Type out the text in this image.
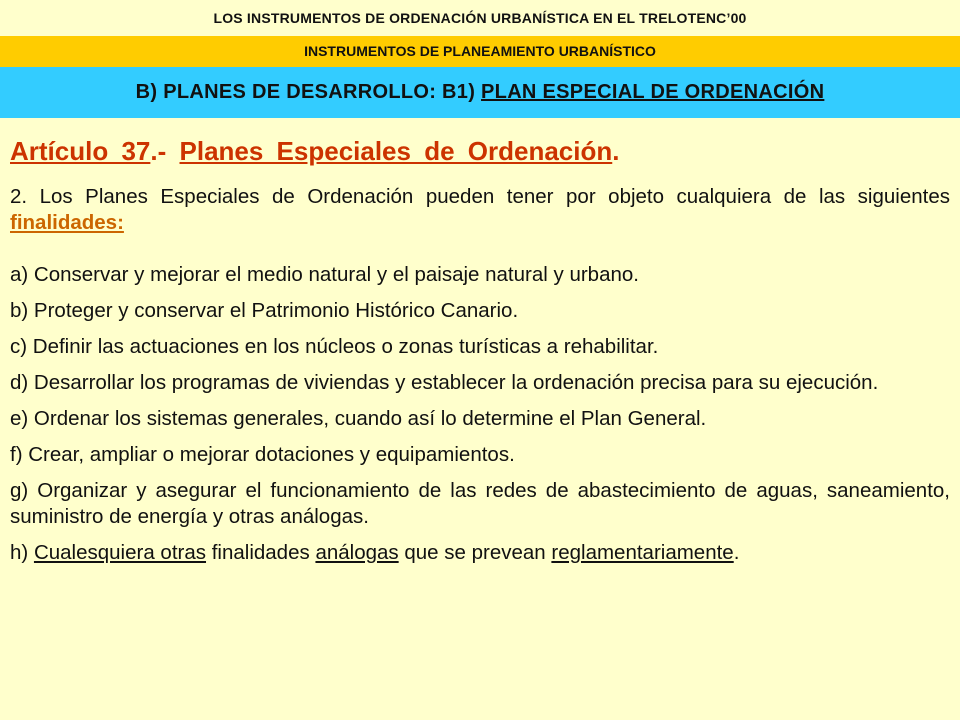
LOS INSTRUMENTOS DE ORDENACIÓN URBANÍSTICA EN EL TRELOTENC’00
INSTRUMENTOS DE PLANEAMIENTO URBANÍSTICO
B) PLANES DE DESARROLLO: B1) PLAN ESPECIAL DE ORDENACIÓN
Artículo 37.- Planes Especiales de Ordenación.

2. Los Planes Especiales de Ordenación pueden tener por objeto cualquiera de las siguientes finalidades:

a) Conservar y mejorar el medio natural y el paisaje natural y urbano.

b) Proteger y conservar el Patrimonio Histórico Canario.

c) Definir las actuaciones en los núcleos o zonas turísticas a rehabilitar.

d) Desarrollar los programas de viviendas y establecer la ordenación precisa para su ejecución.

e) Ordenar los sistemas generales, cuando así lo determine el Plan General.

f) Crear, ampliar o mejorar dotaciones y equipamientos.

g) Organizar y asegurar el funcionamiento de las redes de abastecimiento de aguas, saneamiento, suministro de energía y otras análogas.

h) Cualesquiera otras finalidades análogas que se prevean reglamentariamente.
